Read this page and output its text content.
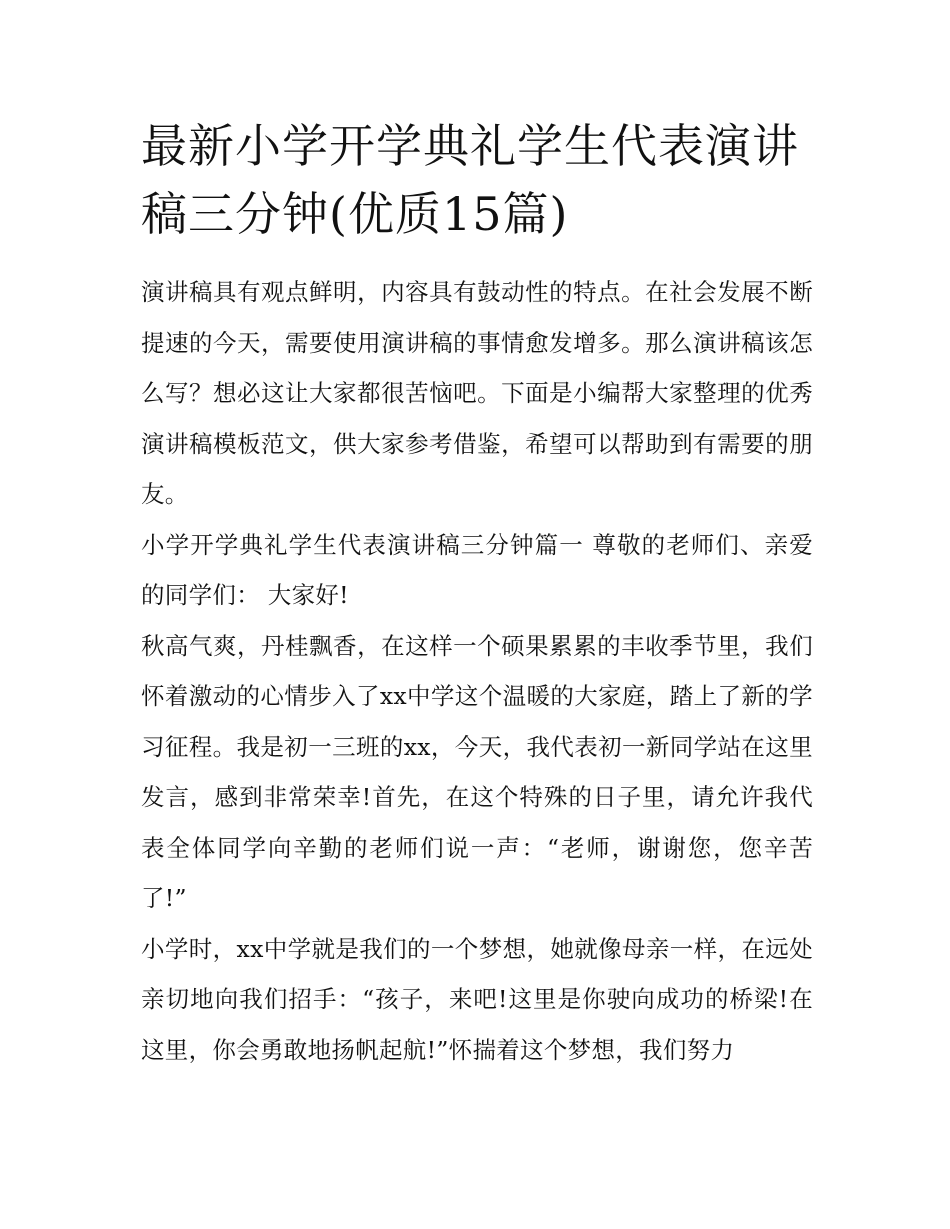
最新小学开学典礼学生代表演讲稿三分钟(优质15篇)

演讲稿具有观点鲜明，内容具有鼓动性的特点。在社会发展不断提速的今天，需要使用演讲稿的事情愈发增多。那么演讲稿该怎么写？想必这让大家都很苦恼吧。下面是小编帮大家整理的优秀演讲稿模板范文，供大家参考借鉴，希望可以帮助到有需要的朋友。

小学开学典礼学生代表演讲稿三分钟篇一 尊敬的老师们、亲爱的同学们： 大家好!

秋高气爽，丹桂飘香，在这样一个硕果累累的丰收季节里，我们怀着激动的心情步入了xx中学这个温暖的大家庭，踏上了新的学习征程。我是初一三班的xx，今天，我代表初一新同学站在这里发言，感到非常荣幸!首先，在这个特殊的日子里，请允许我代表全体同学向辛勤的老师们说一声：“老师，谢谢您，您辛苦了!”

小学时，xx中学就是我们的一个梦想，她就像母亲一样，在远处亲切地向我们招手：“孩子，来吧!这里是你驶向成功的桥梁!在这里，你会勇敢地扬帆起航!”怀揣着这个梦想，我们努力
